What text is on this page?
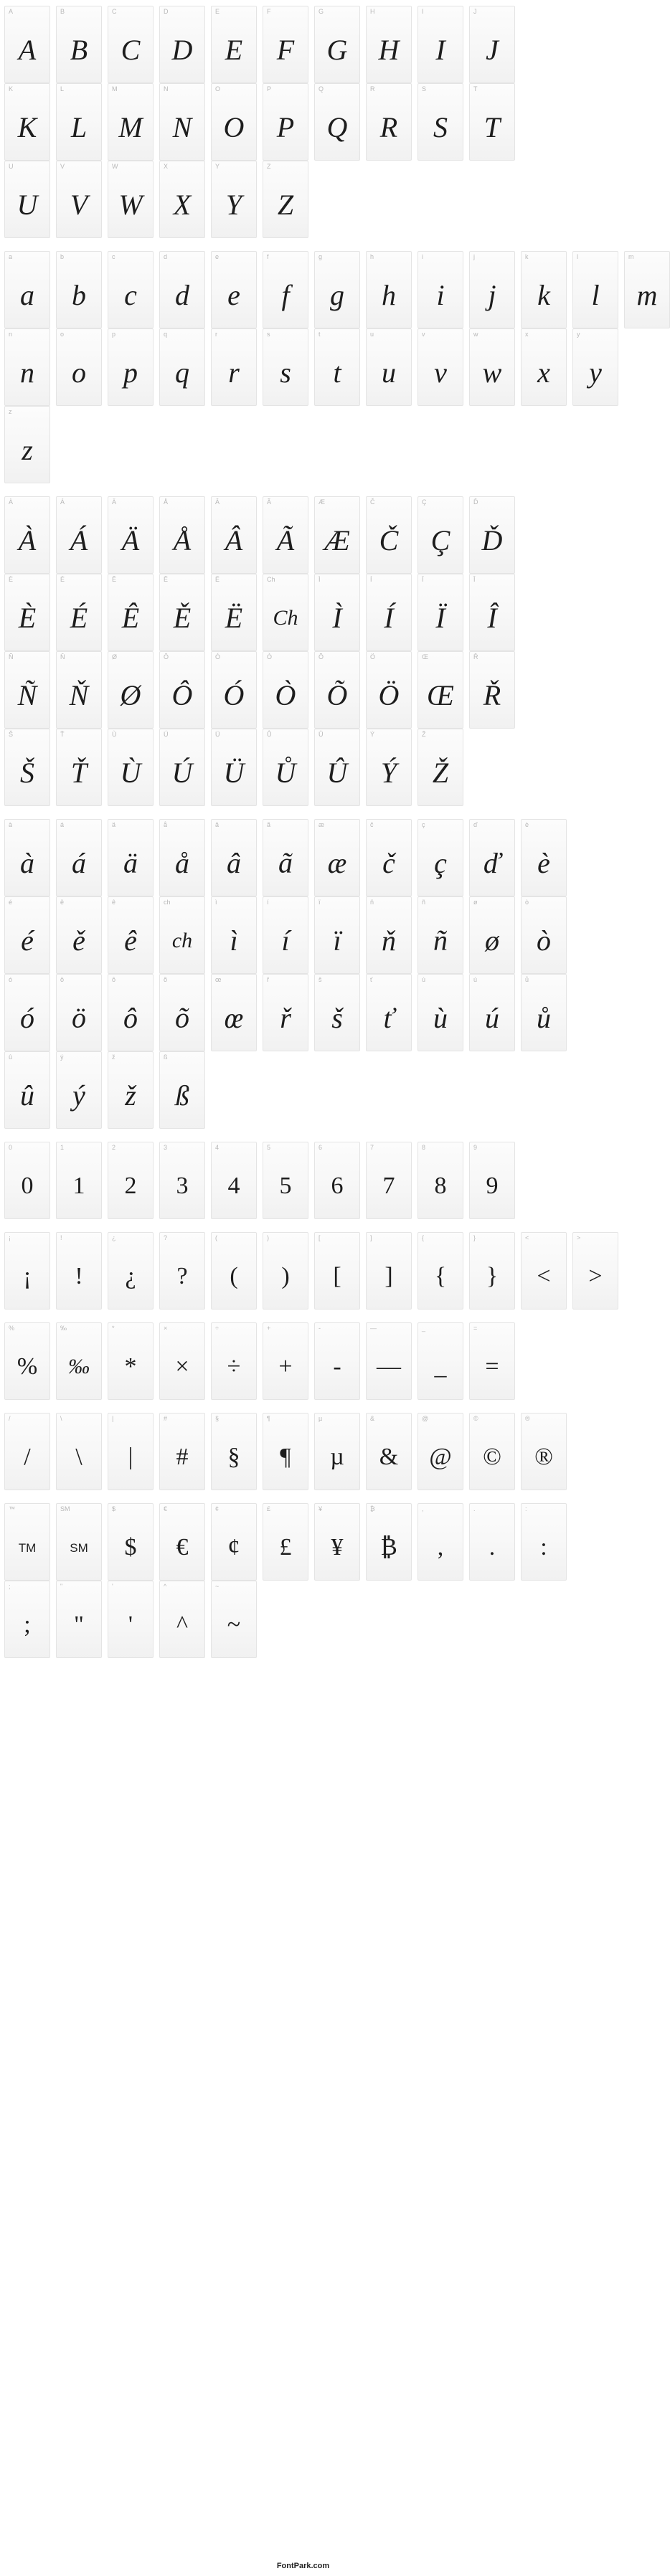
A
A
B
B
C
C
D
D
E
E
F
F
G
G
H
H
I
I
J
J
K
K
L
L
M
M
N
N
O
O
P
P
Q
Q
R
R
S
S
T
T
U
U
V
V
W
W
X
X
Y
Y
Z
Z
a
a
b
b
c
c
d
d
e
e
f
f
g
g
h
h
i
i
j
j
k
k
l
l
m
m
n
n
o
o
p
p
q
q
r
r
s
s
t
t
u
u
v
v
w
w
x
x
y
y
z
z
À
À
Á
Á
Ä
Ä
Å
Å
Â
Â
Ã
Ã
Æ
Æ
Č
Č
Ç
Ç
Ď
Ď
È
È
É
É
Ê
Ê
Ě
Ě
Ë
Ë
Ch
Ch
Ì
Ì
Í
Í
Ï
Ï
Î
Î
Ñ
Ñ
Ň
Ň
Ø
Ø
Ô
Ô
Ó
Ó
Ò
Ò
Õ
Õ
Ö
Ö
Œ
Œ
Ř
Ř
Š
Š
Ť
Ť
Ù
Ù
Ú
Ú
Ü
Ü
Ů
Ů
Û
Û
Ý
Ý
Ž
Ž
à
à
á
á
ä
ä
å
å
â
â
ã
ã
æ
æ
č
č
ç
ç
ď
ď
è
è
é
é
ě
ě
ê
ê
ch
ch
ì
ì
í
í
ï
ï
ň
ň
ñ
ñ
ø
ø
ò
ò
ó
ó
ö
ö
ô
ô
õ
õ
œ
œ
ř
ř
š
š
ť
ť
ù
ù
ú
ú
ů
ů
û
û
ý
ý
ž
ž
ß
ß
0
0
1
1
2
2
3
3
4
4
5
5
6
6
7
7
8
8
9
9
¡
¡
!
!
¿
¿
?
?
(
(
)
)
[
[
]
]
{
{
}
}
<
<
>
>
%
%
‰
‰
*
*
×
×
÷
÷
+
+
-
-
—
—
_
_
=
=
/
/
\
\
|
|
#
#
§
§
¶
¶
µ
µ
&
&
@
@
©
©
®
®
™
TM
SM
SM
$
$
€
€
¢
¢
£
£
¥
¥
₿
₿
,
,
.
.
:
:
;
;
"
"
'
'
^
^
~
~
FontPark.com
